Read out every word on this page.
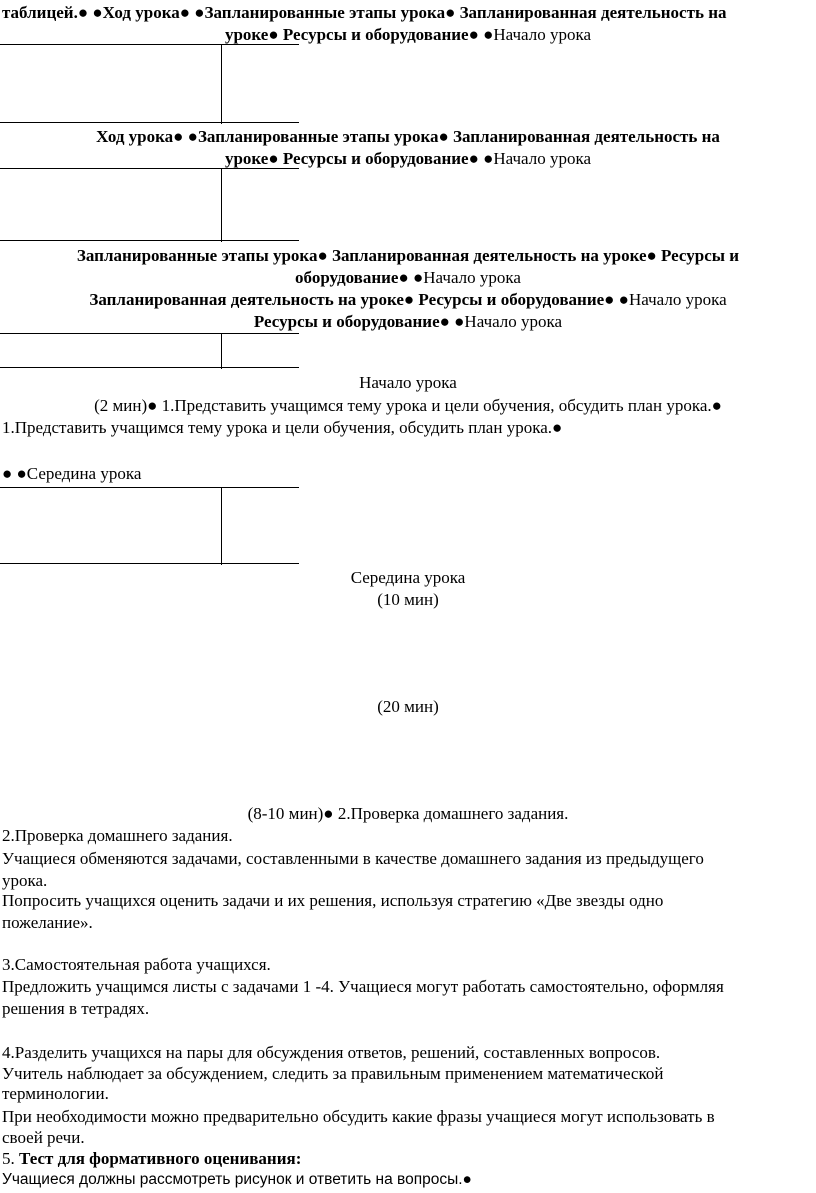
таблицей.● ●Ход урока● ●Запланированные этапы урока● Запланированная деятельность на
уроке● Ресурсы и оборудование● ●Начало урока
Ход урока● ●Запланированные этапы урока● Запланированная деятельность на
уроке● Ресурсы и оборудование● ●Начало урока
Запланированные этапы урока● Запланированная деятельность на уроке● Ресурсы и
оборудование● ●Начало урока
Запланированная деятельность на уроке● Ресурсы и оборудование● ●Начало урока
Ресурсы и оборудование● ●Начало урока
Начало урока
(2 мин)● 1.Представить учащимся тему урока и цели обучения, обсудить план урока.●
1.Представить учащимся тему урока и цели обучения, обсудить план урока.●
● ●Середина урока
Середина урока
(10 мин)
(20 мин)
(8-10 мин)● 2.Проверка домашнего задания.
2.Проверка домашнего задания.
Учащиеся обменяются задачами, составленными в качестве домашнего задания из предыдущего
урока.
Попросить учащихся оценить задачи и их решения, используя стратегию «Две звезды одно
пожелание».
3.Самостоятельная работа учащихся.
Предложить учащимся листы с задачами 1 -4. Учащиеся могут работать самостоятельно, оформляя
решения в тетрадях.
4.Разделить учащихся на пары для обсуждения ответов, решений, составленных вопросов.
Учитель наблюдает за обсуждением, следить за правильным применением математической
терминологии.
При необходимости можно предварительно обсудить какие фразы учащиеся могут использовать в
своей речи.
5. Тест для формативного оценивания:
Учащиеся должны рассмотреть рисунок и ответить на вопросы.●
